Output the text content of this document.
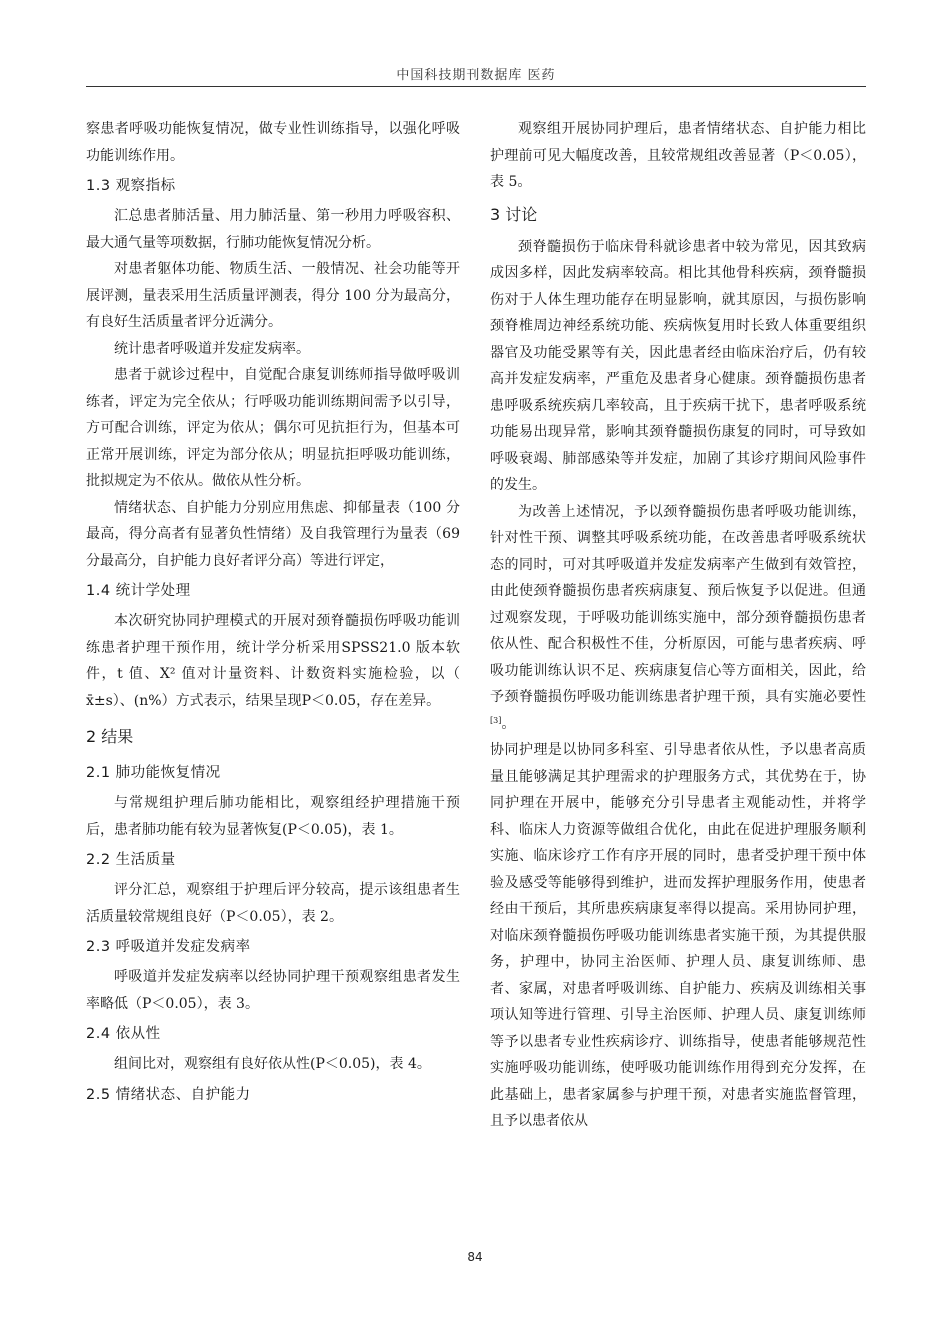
中国科技期刊数据库 医药

察患者呼吸功能恢复情况，做专业性训练指导，以强化呼吸功能训练作用。

1.3 观察指标

汇总患者肺活量、用力肺活量、第一秒用力呼吸容积、最大通气量等项数据，行肺功能恢复情况分析。

对患者躯体功能、物质生活、一般情况、社会功能等开展评测，量表采用生活质量评测表，得分 100 分为最高分，有良好生活质量者评分近满分。

统计患者呼吸道并发症发病率。

患者于就诊过程中，自觉配合康复训练师指导做呼吸训练者，评定为完全依从；行呼吸功能训练期间需予以引导，方可配合训练，评定为依从；偶尔可见抗拒行为，但基本可正常开展训练，评定为部分依从；明显抗拒呼吸功能训练，批拟规定为不依从。做依从性分析。

情绪状态、自护能力分别应用焦虑、抑郁量表（100 分最高，得分高者有显著负性情绪）及自我管理行为量表（69 分最高分，自护能力良好者评分高）等进行评定，

1.4 统计学处理

本次研究协同护理模式的开展对颈脊髓损伤呼吸功能训练患者护理干预作用，统计学分析采用SPSS21.0 版本软件，t 值、X² 值对计量资料、计数资料实施检验，以（ x̄±s）、(n%）方式表示，结果呈现P＜0.05，存在差异。

2 结果
2.1 肺功能恢复情况

与常规组护理后肺功能相比，观察组经护理措施干预后，患者肺功能有较为显著恢复(P＜0.05)，表 1。

2.2 生活质量

评分汇总，观察组于护理后评分较高，提示该组患者生活质量较常规组良好（P＜0.05），表 2。

2.3 呼吸道并发症发病率

呼吸道并发症发病率以经协同护理干预观察组患者发生率略低（P＜0.05），表 3。

2.4 依从性

组间比对，观察组有良好依从性(P＜0.05)，表 4。

2.5 情绪状态、自护能力

观察组开展协同护理后，患者情绪状态、自护能力相比护理前可见大幅度改善，且较常规组改善显著（P＜0.05），表 5。

3 讨论

颈脊髓损伤于临床骨科就诊患者中较为常见，因其致病成因多样，因此发病率较高。相比其他骨科疾病，颈脊髓损伤对于人体生理功能存在明显影响，就其原因，与损伤影响颈脊椎周边神经系统功能、疾病恢复用时长致人体重要组织器官及功能受累等有关，因此患者经由临床治疗后，仍有较高并发症发病率，严重危及患者身心健康。颈脊髓损伤患者患呼吸系统疾病几率较高，且于疾病干扰下，患者呼吸系统功能易出现异常，影响其颈脊髓损伤康复的同时，可导致如呼吸衰竭、肺部感染等并发症，加剧了其诊疗期间风险事件的发生。

为改善上述情况，予以颈脊髓损伤患者呼吸功能训练，针对性干预、调整其呼吸系统功能，在改善患者呼吸系统状态的同时，可对其呼吸道并发症发病率产生做到有效管控，由此使颈脊髓损伤患者疾病康复、预后恢复予以促进。但通过观察发现，于呼吸功能训练实施中，部分颈脊髓损伤患者依从性、配合积极性不佳，分析原因，可能与患者疾病、呼吸功能训练认识不足、疾病康复信心等方面相关，因此，给予颈脊髓损伤呼吸功能训练患者护理干预，具有实施必要性[3]。

协同护理是以协同多科室、引导患者依从性，予以患者高质量且能够满足其护理需求的护理服务方式，其优势在于，协同护理在开展中，能够充分引导患者主观能动性，并将学科、临床人力资源等做组合优化，由此在促进护理服务顺利实施、临床诊疗工作有序开展的同时，患者受护理干预中体验及感受等能够得到维护，进而发挥护理服务作用，使患者经由干预后，其所患疾病康复率得以提高。采用协同护理，对临床颈脊髓损伤呼吸功能训练患者实施干预，为其提供服务，护理中，协同主治医师、护理人员、康复训练师、患者、家属，对患者呼吸训练、自护能力、疾病及训练相关事项认知等进行管理、引导主治医师、护理人员、康复训练师等予以患者专业性疾病诊疗、训练指导，使患者能够规范性实施呼吸功能训练，使呼吸功能训练作用得到充分发挥，在此基础上，患者家属参与护理干预，对患者实施监督管理，且予以患者依从

84
